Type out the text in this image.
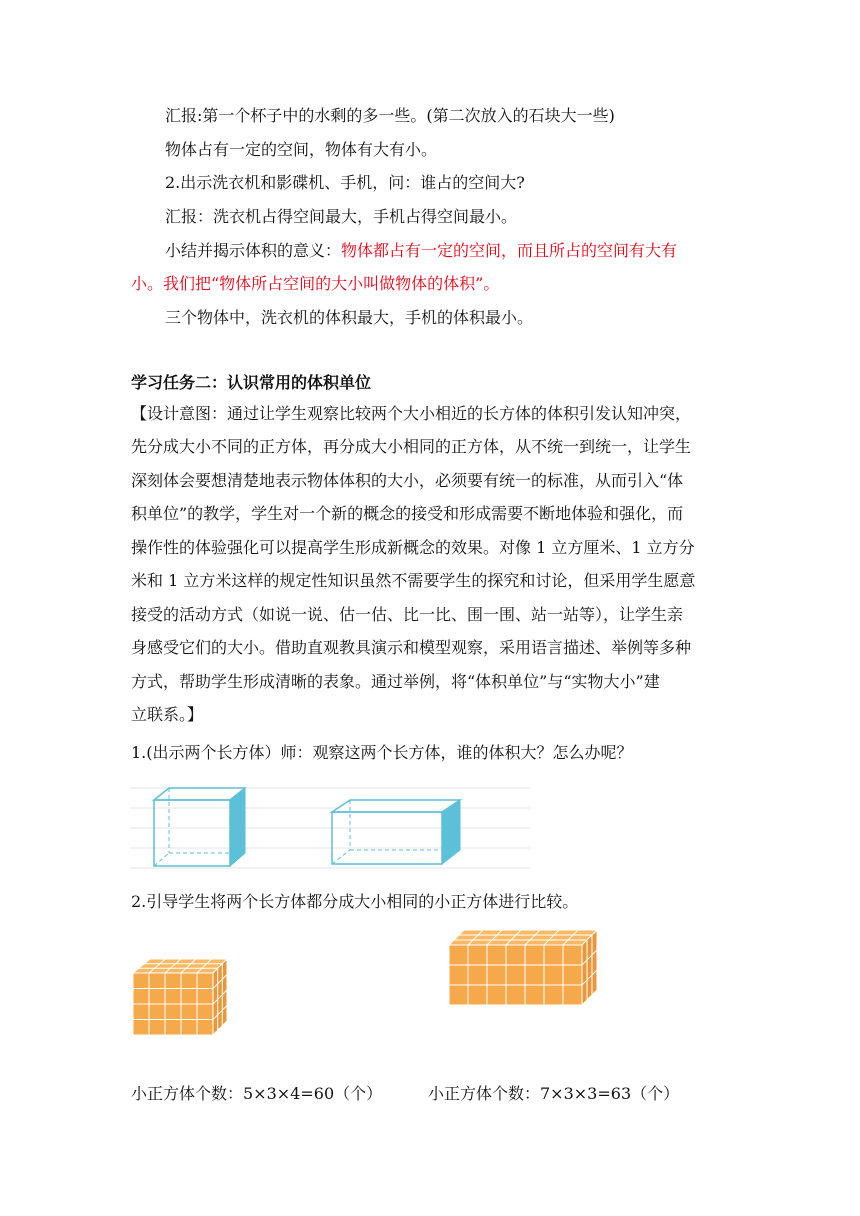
汇报:第一个杯子中的水剩的多一些。(第二次放入的石块大一些)
物体占有一定的空间，物体有大有小。
2.出示洗衣机和影碟机、手机，问：谁占的空间大?
汇报：洗衣机占得空间最大，手机占得空间最小。
小结并揭示体积的意义：物体都占有一定的空间，而且所占的空间有大有
小。我们把“物体所占空间的大小叫做物体的体积”。
三个物体中，洗衣机的体积最大，手机的体积最小。
学习任务二：认识常用的体积单位
【设计意图：通过让学生观察比较两个大小相近的长方体的体积引发认知冲突，
先分成大小不同的正方体，再分成大小相同的正方体，从不统一到统一，让学生
深刻体会要想清楚地表示物体体积的大小，必须要有统一的标准，从而引入“体
积单位”的教学，学生对一个新的概念的接受和形成需要不断地体验和强化，而
操作性的体验强化可以提高学生形成新概念的效果。对像 1 立方厘米、1 立方分
米和 1 立方米这样的规定性知识虽然不需要学生的探究和讨论，但采用学生愿意
接受的活动方式（如说一说、估一估、比一比、围一围、站一站等），让学生亲
身感受它们的大小。借助直观教具演示和模型观察，采用语言描述、举例等多种
方式，帮助学生形成清晰的表象。通过举例，将“体积单位”与“实物大小”建
立联系。】
1.(出示两个长方体）师：观察这两个长方体，谁的体积大？怎么办呢？
2.引导学生将两个长方体都分成大小相同的小正方体进行比较。
小正方体个数：5×3×4=60（个）	小正方体个数：7×3×3=63（个）
